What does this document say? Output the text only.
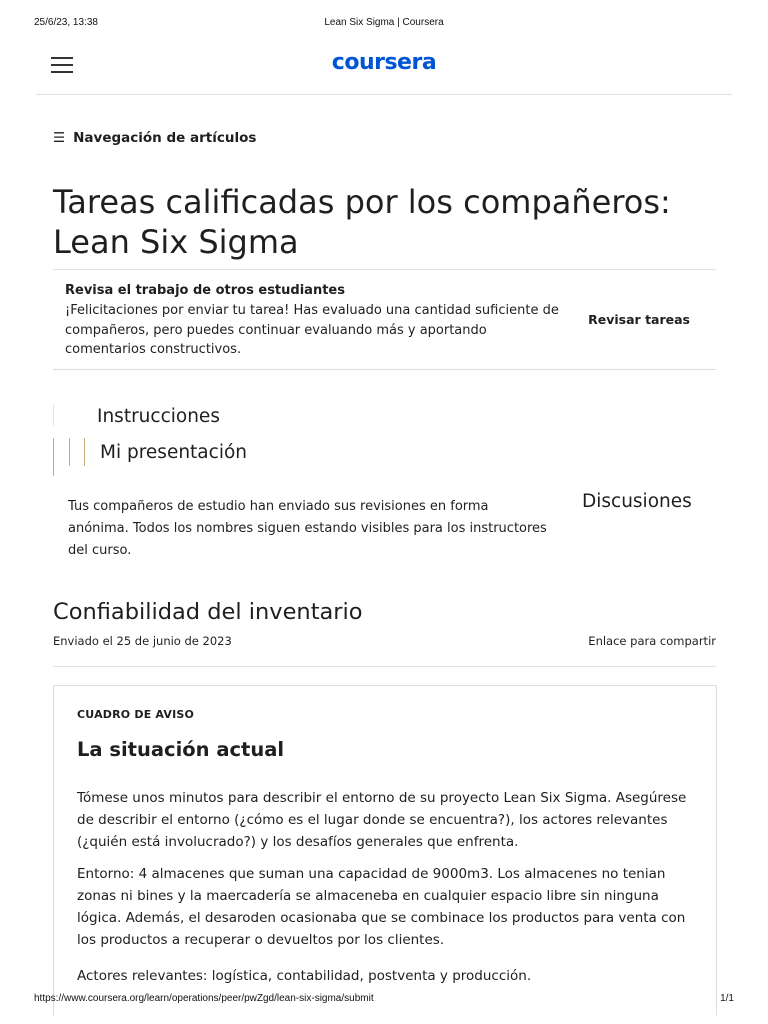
25/6/23, 13:38	Lean Six Sigma | Coursera
coursera
☰ Navegación de artículos
Tareas calificadas por los compañeros:
Lean Six Sigma
Revisa el trabajo de otros estudiantes
¡Felicitaciones por enviar tu tarea! Has evaluado una cantidad suficiente de compañeros, pero puedes continuar evaluando más y aportando comentarios constructivos.
Revisar tareas
Instrucciones
Mi presentación
Discusiones
Tus compañeros de estudio han enviado sus revisiones en forma anónima. Todos los nombres siguen estando visibles para los instructores del curso.
Confiabilidad del inventario
Enviado el 25 de junio de 2023	Enlace para compartir
CUADRO DE AVISO
La situación actual

Tómese unos minutos para describir el entorno de su proyecto Lean Six Sigma. Asegúrese de describir el entorno (¿cómo es el lugar donde se encuentra?), los actores relevantes (¿quién está involucrado?) y los desafíos generales que enfrenta.

Entorno: 4 almacenes que suman una capacidad de 9000m3. Los almacenes no tenian zonas ni bines y la maercadería se almaceneba en cualquier espacio libre sin ninguna lógica. Además, el desaroden ocasionaba que se combinace los productos para venta con los productos a recuperar o devueltos por los clientes.

Actores relevantes: logística, contabilidad, postventa y producción.

https://www.coursera.org/learn/operations/peer/pwZgd/lean-six-sigma/submit	1/1
